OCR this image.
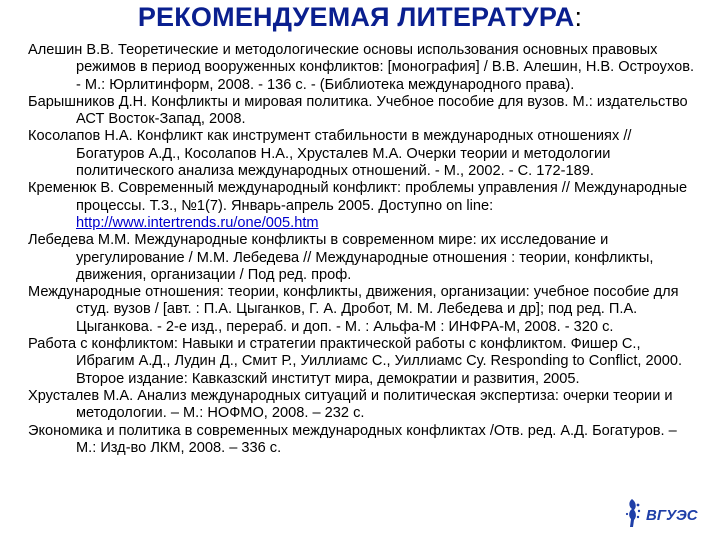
РЕКОМЕНДУЕМАЯ ЛИТЕРАТУРА:

Алешин В.В. Теоретические и методологические основы использования основных правовых режимов в период вооруженных конфликтов: [монография] / В.В. Алешин, Н.В. Остроухов. - М.: Юрлитинформ, 2008. - 136 с. - (Библиотека международного права).

Барышников Д.Н. Конфликты и мировая политика. Учебное пособие для вузов. М.: издательство АСТ Восток-Запад, 2008.

Косолапов Н.А. Конфликт как инструмент стабильности в международных отношениях // Богатуров А.Д., Косолапов Н.А., Хрусталев М.А. Очерки теории и методологии политического анализа международных отношений. - М., 2002. - С. 172-189.

Кременюк В. Современный международный конфликт: проблемы управления // Международные процессы. Т.3., №1(7). Январь-апрель 2005. Доступно on line: http://www.intertrends.ru/one/005.htm

Лебедева М.М. Международные конфликты в современном мире: их исследование и урегулирование / М.М. Лебедева // Международные отношения : теории, конфликты, движения, организации / Под ред. проф.

Международные отношения: теории, конфликты, движения, организации: учебное пособие для студ. вузов / [авт. : П.А. Цыганков, Г. А. Дробот, М. М. Лебедева и др]; под ред. П.А. Цыганкова. - 2-е изд., перераб. и доп. - М. : Альфа-М : ИНФРА-М, 2008. - 320 с.

Работа с конфликтом: Навыки и стратегии практической работы с конфликтом. Фишер С., Ибрагим А.Д., Лудин Д., Смит Р., Уиллиамс С., Уиллиамс Су. Responding to Conflict, 2000. Второе издание: Кавказский институт мира, демократии и развития, 2005.

Хрусталев М.А. Анализ международных ситуаций и политическая экспертиза: очерки теории и методологии. – М.: НОФМО, 2008. – 232 с.

Экономика и политика в современных международных конфликтах /Отв. ред. А.Д. Богатуров. – М.: Изд-во ЛКМ, 2008. – 336 с.

ВГУЭС
